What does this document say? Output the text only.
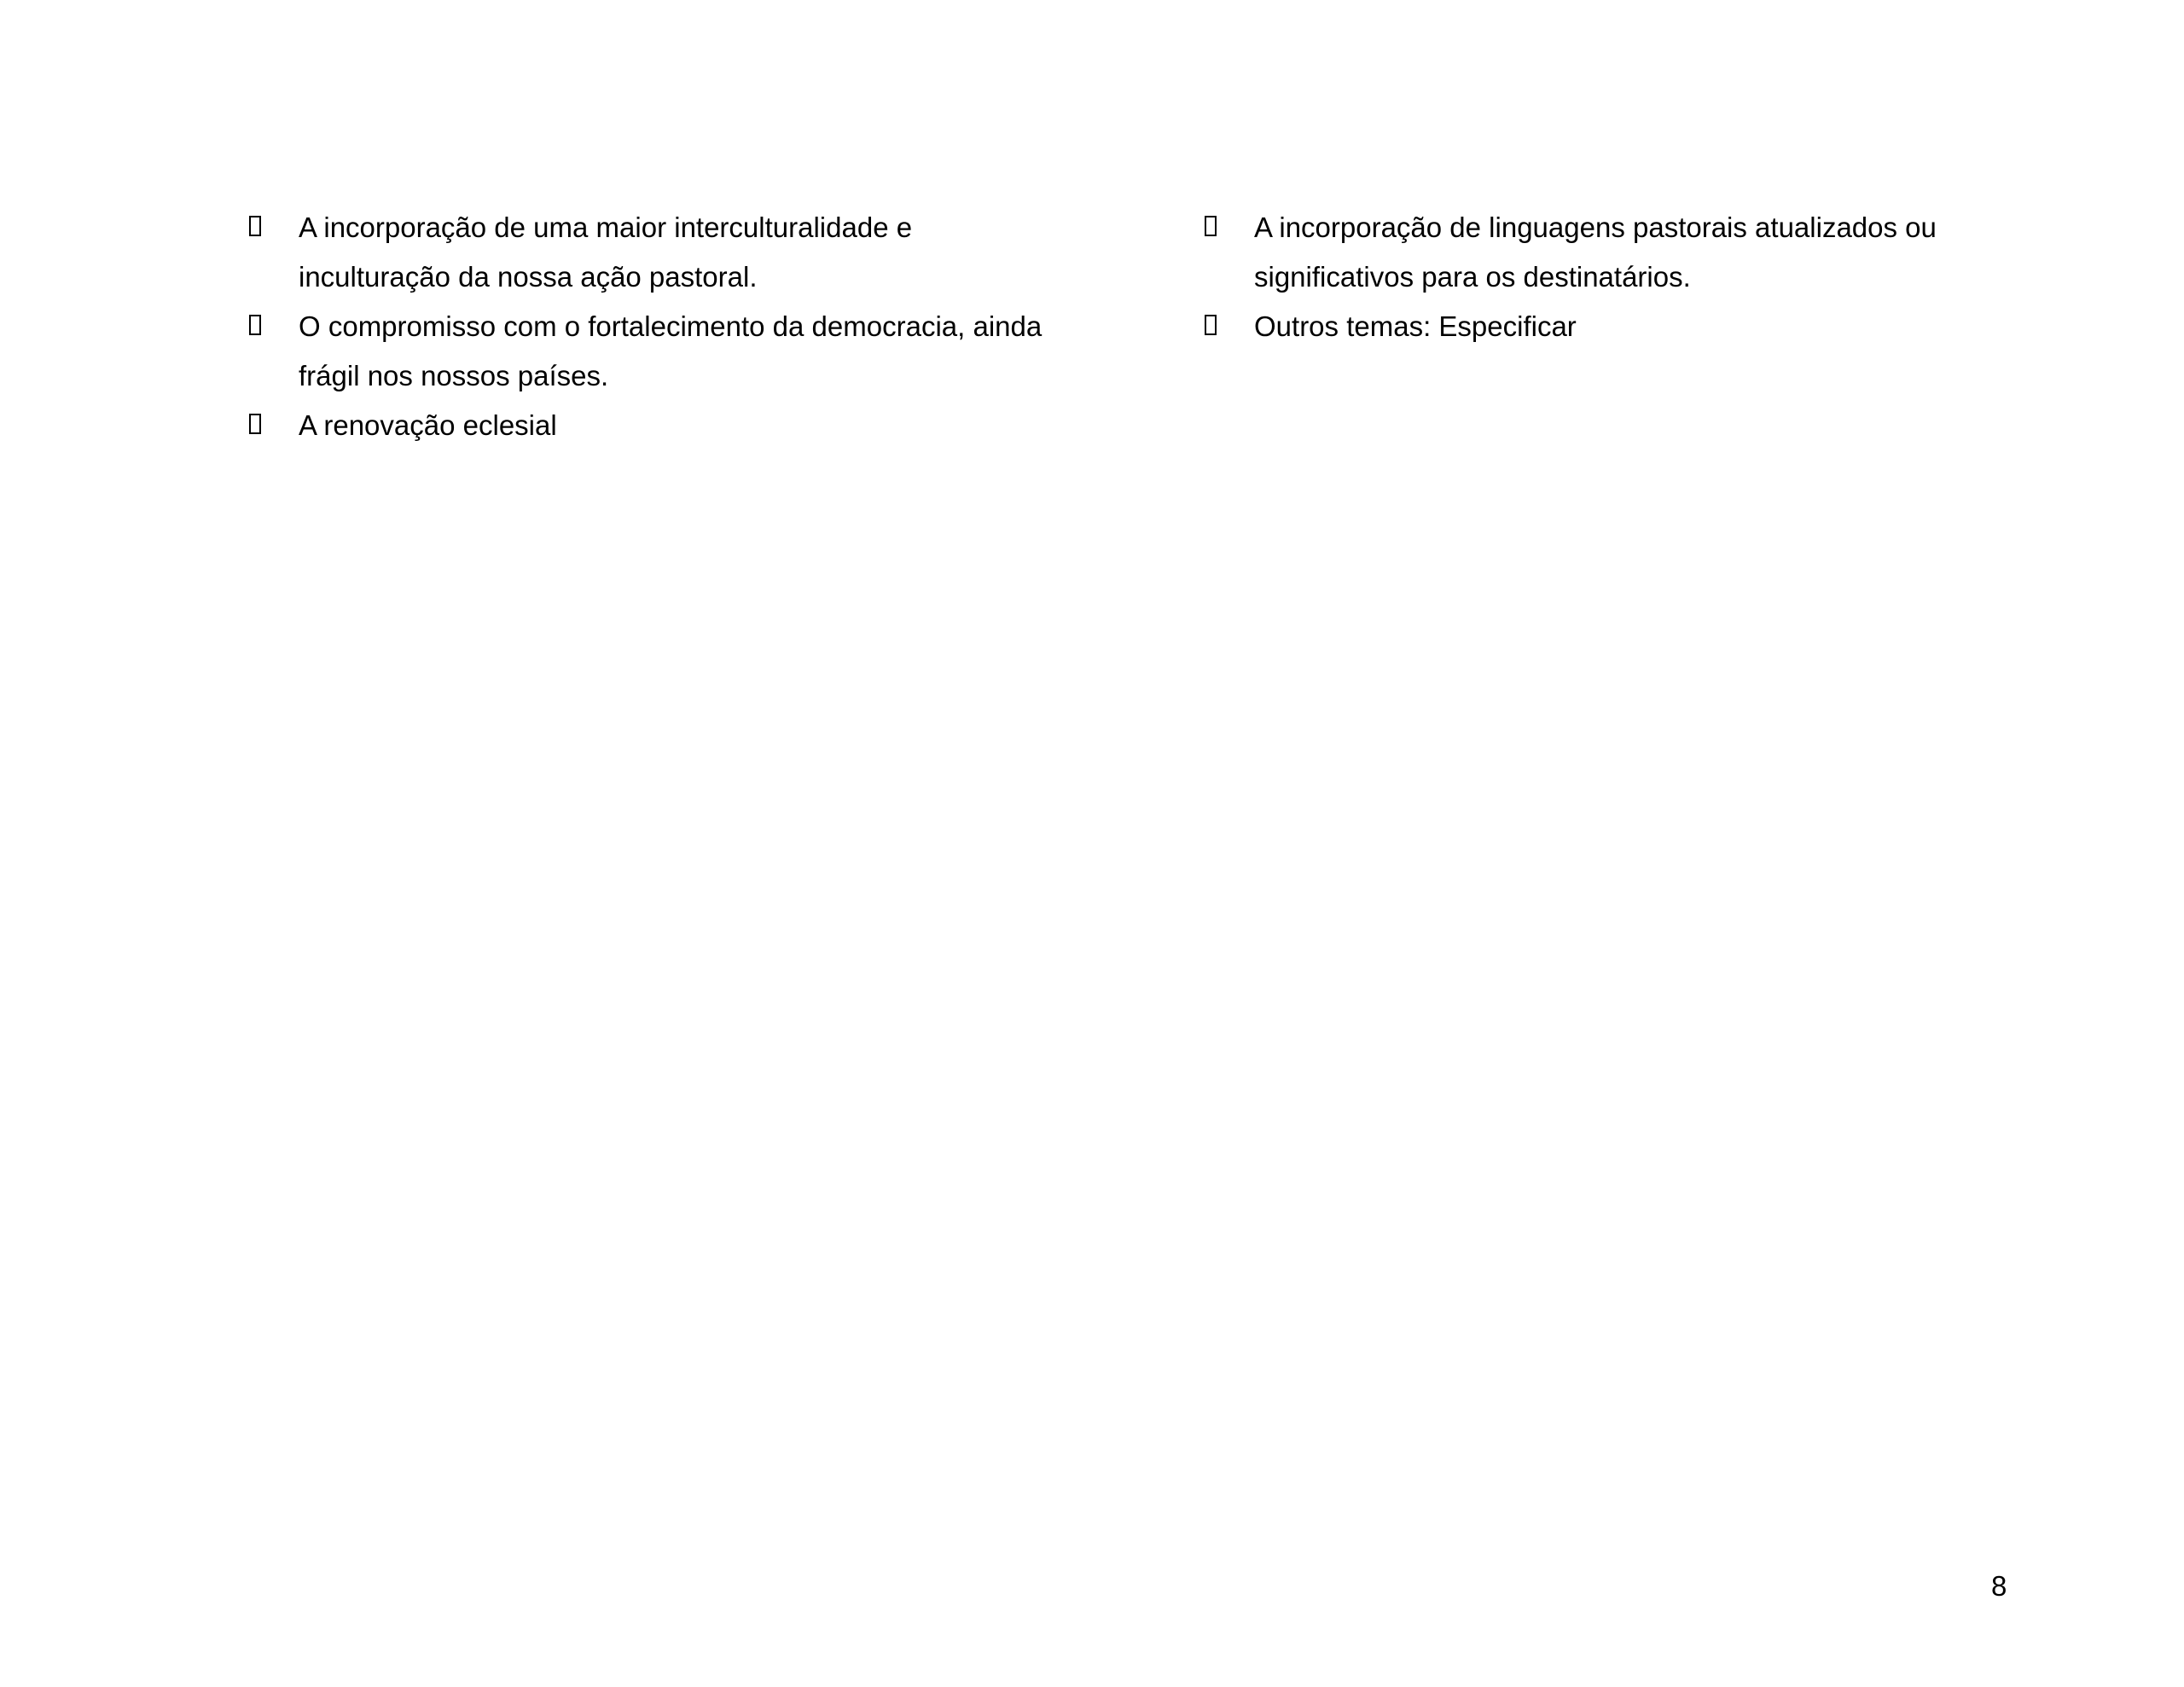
A incorporação de uma maior interculturalidade e inculturação da nossa ação pastoral.
O compromisso com o fortalecimento da democracia, ainda frágil nos nossos países.
A renovação eclesial
A incorporação de linguagens pastorais atualizados ou significativos para os destinatários.
Outros temas: Especificar
8
